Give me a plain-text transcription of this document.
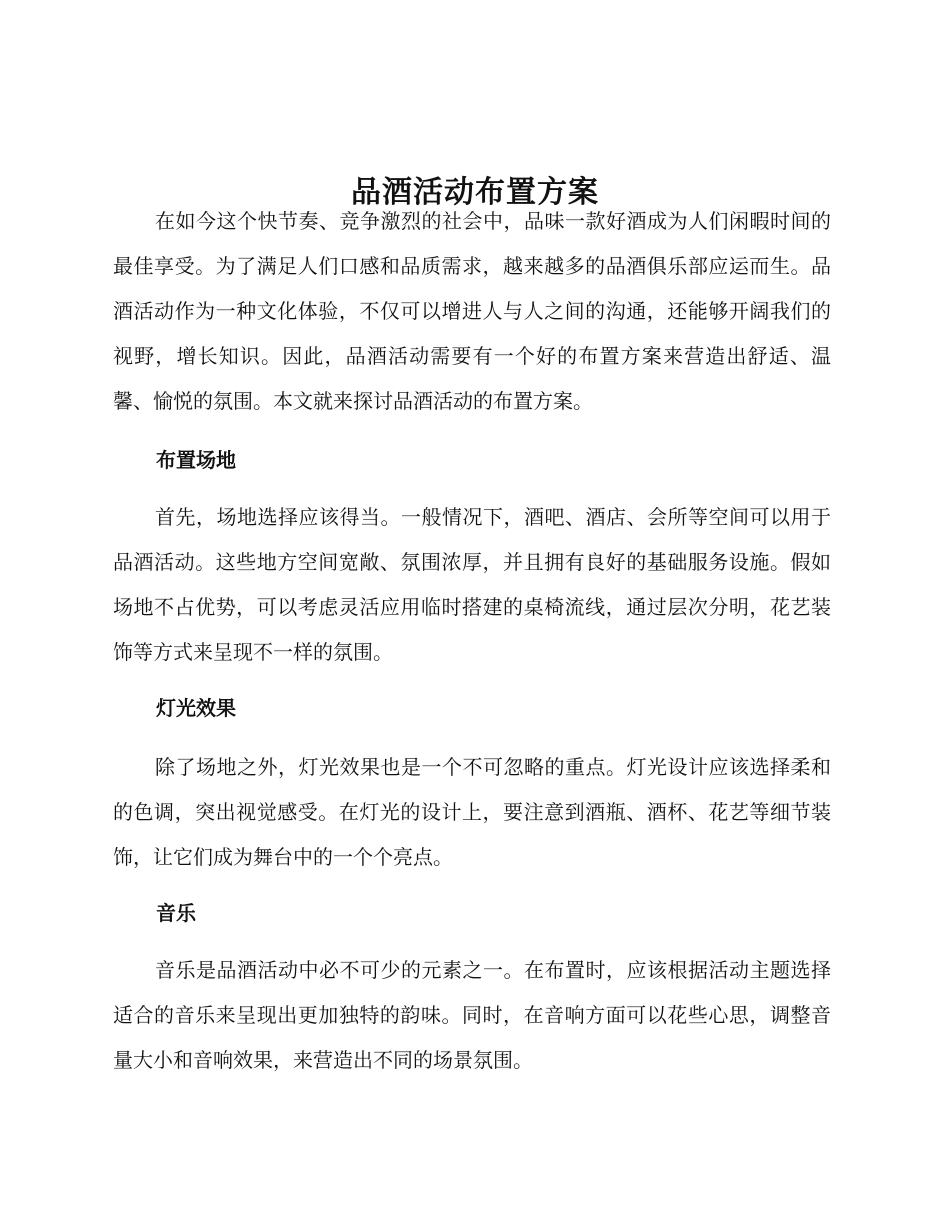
品酒活动布置方案

在如今这个快节奏、竞争激烈的社会中，品味一款好酒成为人们闲暇时间的最佳享受。为了满足人们口感和品质需求，越来越多的品酒俱乐部应运而生。品酒活动作为一种文化体验，不仅可以增进人与人之间的沟通，还能够开阔我们的视野，增长知识。因此，品酒活动需要有一个好的布置方案来营造出舒适、温馨、愉悦的氛围。本文就来探讨品酒活动的布置方案。

布置场地

首先，场地选择应该得当。一般情况下，酒吧、酒店、会所等空间可以用于品酒活动。这些地方空间宽敞、氛围浓厚，并且拥有良好的基础服务设施。假如场地不占优势，可以考虑灵活应用临时搭建的桌椅流线，通过层次分明，花艺装饰等方式来呈现不一样的氛围。

灯光效果

除了场地之外，灯光效果也是一个不可忽略的重点。灯光设计应该选择柔和的色调，突出视觉感受。在灯光的设计上，要注意到酒瓶、酒杯、花艺等细节装饰，让它们成为舞台中的一个个亮点。

音乐

音乐是品酒活动中必不可少的元素之一。在布置时，应该根据活动主题选择适合的音乐来呈现出更加独特的韵味。同时，在音响方面可以花些心思，调整音量大小和音响效果，来营造出不同的场景氛围。
